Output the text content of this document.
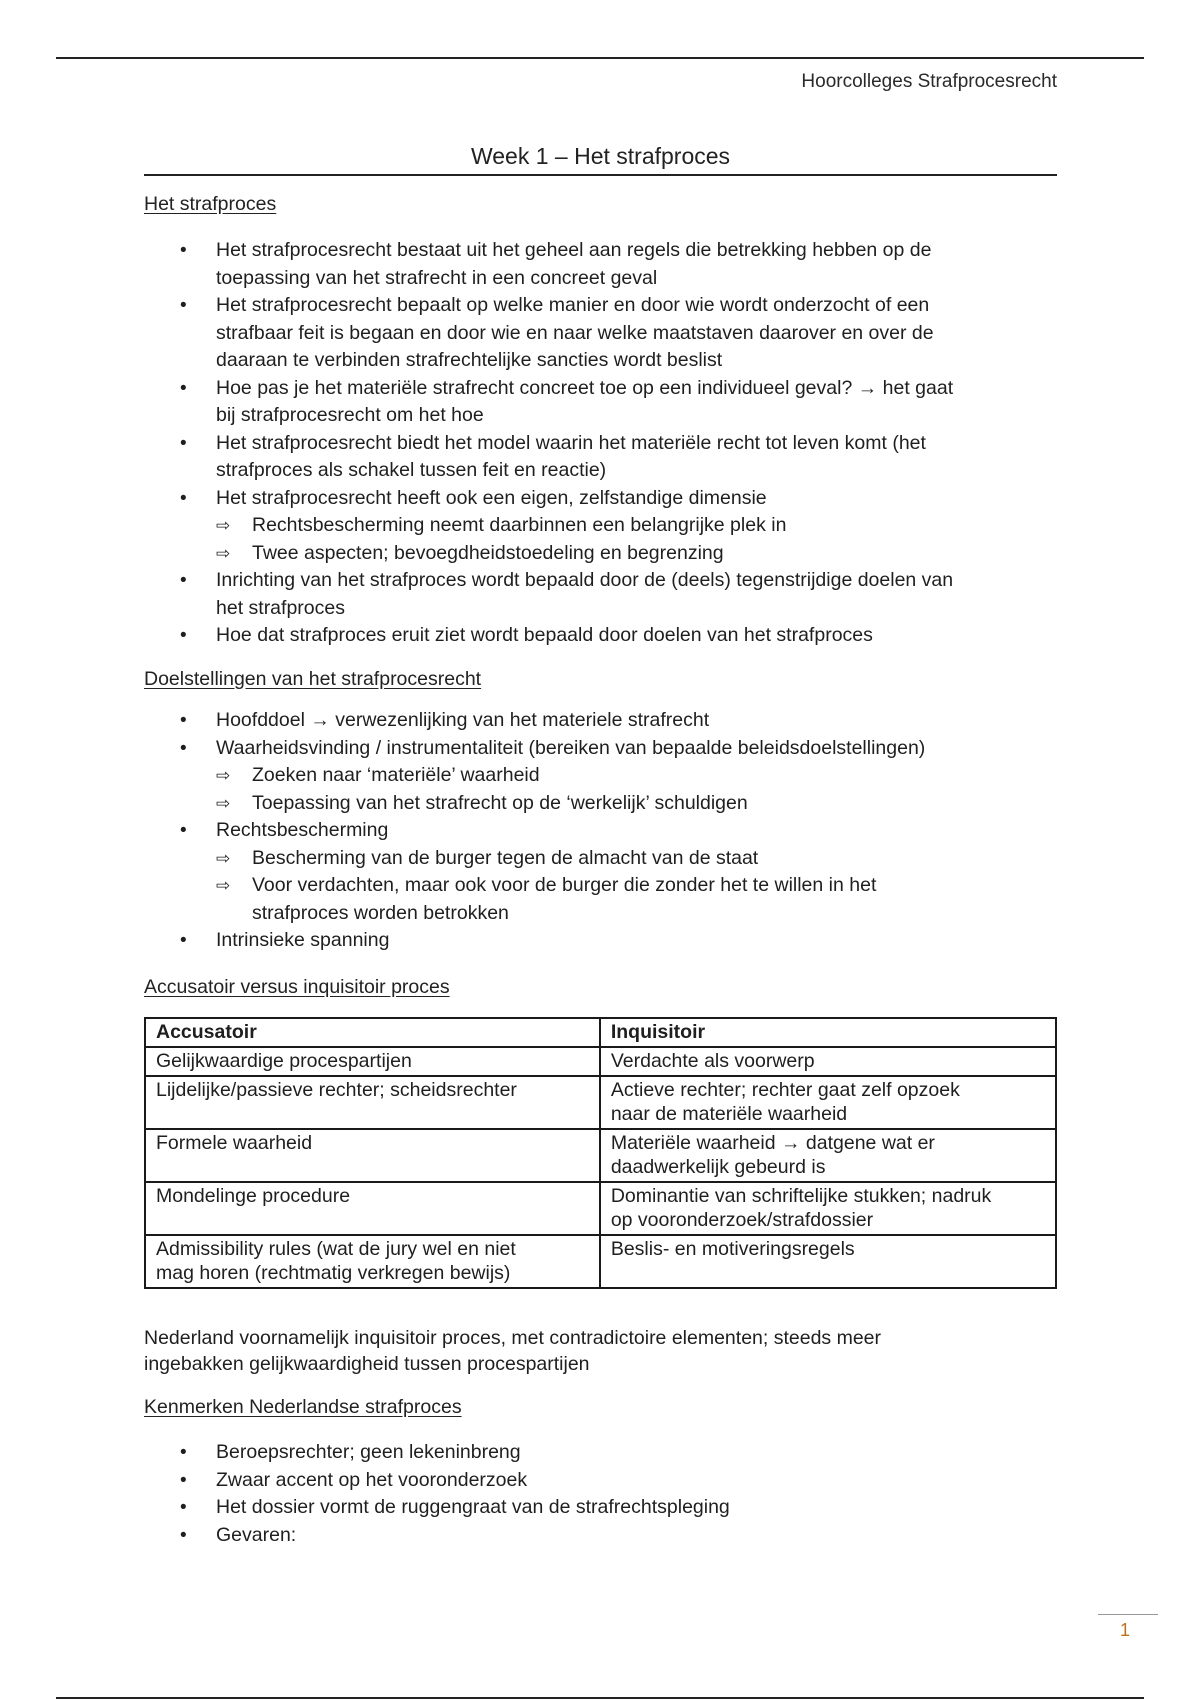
Hoorcolleges Strafprocesrecht
Week 1 – Het strafproces
Het strafproces
• Het strafprocesrecht bestaat uit het geheel aan regels die betrekking hebben op de
toepassing van het strafrecht in een concreet geval
• Het strafprocesrecht bepaalt op welke manier en door wie wordt onderzocht of een
strafbaar feit is begaan en door wie en naar welke maatstaven daarover en over de
daaraan te verbinden strafrechtelijke sancties wordt beslist
• Hoe pas je het materiële strafrecht concreet toe op een individueel geval? → het gaat
bij strafprocesrecht om het hoe
• Het strafprocesrecht biedt het model waarin het materiële recht tot leven komt (het
strafproces als schakel tussen feit en reactie)
• Het strafprocesrecht heeft ook een eigen, zelfstandige dimensie
⇨ Rechtsbescherming neemt daarbinnen een belangrijke plek in
⇨ Twee aspecten; bevoegdheidstoedeling en begrenzing
• Inrichting van het strafproces wordt bepaald door de (deels) tegenstrijdige doelen van
het strafproces
• Hoe dat strafproces eruit ziet wordt bepaald door doelen van het strafproces
Doelstellingen van het strafprocesrecht
• Hoofddoel → verwezenlijking van het materiele strafrecht
• Waarheidsvinding / instrumentaliteit (bereiken van bepaalde beleidsdoelstellingen)
⇨ Zoeken naar ‘materiële’ waarheid
⇨ Toepassing van het strafrecht op de ‘werkelijk’ schuldigen
• Rechtsbescherming
⇨ Bescherming van de burger tegen de almacht van de staat
⇨ Voor verdachten, maar ook voor de burger die zonder het te willen in het
strafproces worden betrokken
• Intrinsieke spanning
Accusatoir versus inquisitoir proces
Accusatoir	Inquisitoir

Gelijkwaardige procespartijen	Verdachte als voorwerp

Lijdelijke/passieve rechter; scheidsrechter	Actieve rechter; rechter gaat zelf opzoek
naar de materiële waarheid

Formele waarheid	Materiële waarheid → datgene wat er
daadwerkelijk gebeurd is

Mondelinge procedure	Dominantie van schriftelijke stukken; nadruk
op vooronderzoek/strafdossier

Admissibility rules (wat de jury wel en niet
mag horen (rechtmatig verkregen bewijs)	Beslis- en motiveringsregels
Nederland voornamelijk inquisitoir proces, met contradictoire elementen; steeds meer
ingebakken gelijkwaardigheid tussen procespartijen
Kenmerken Nederlandse strafproces
• Beroepsrechter; geen lekeninbreng
• Zwaar accent op het vooronderzoek
• Het dossier vormt de ruggengraat van de strafrechtspleging
• Gevaren:
1
